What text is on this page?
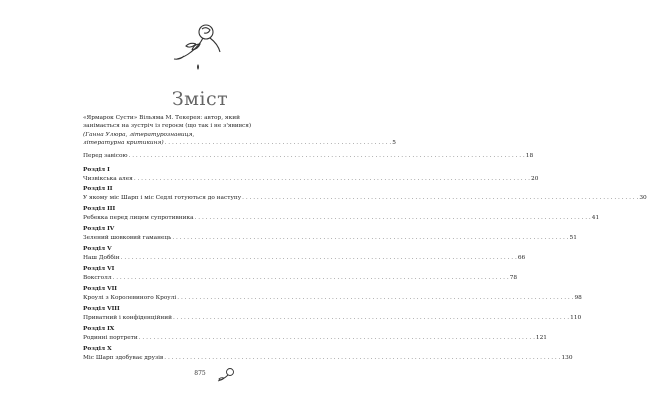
Зміст
«Ярмарок Сусти» Вільяма М. Текерея: автор, який
занімається на зустріч із героєм (що так і не з'явився)
(Ганна Улюра, літературознавиця,
літературна критикиня) . . . . . . . . . . . . . . . . . . . . . . . . . . . . . . . . . . . . . . . . . . . . . . . . . . . . . . . . . . . . . . 5
Перед завісою . . .	18
Розділ I
Чизвікська алея . . .	20
Розділ II
У якому міс Шарп і міс Седлі готуються до наступу . . .	30
Розділ III
Ребекка перед лицем супротивника . . .	41
Розділ IV
Зелений шовковий гаманець . . .	51
Розділ V
Наш Доббін . . .	66
Розділ VI
Воксголл . . .	78
Розділ VII
Кроулі з Королевиного Кроулі . . .	98
Розділ VIII
Приватний і конфіденційний . . .	110
Розділ IX
Родинні портрети . . .	121
Розділ X
Міс Шарп здобуває друзів . . .	130
875
